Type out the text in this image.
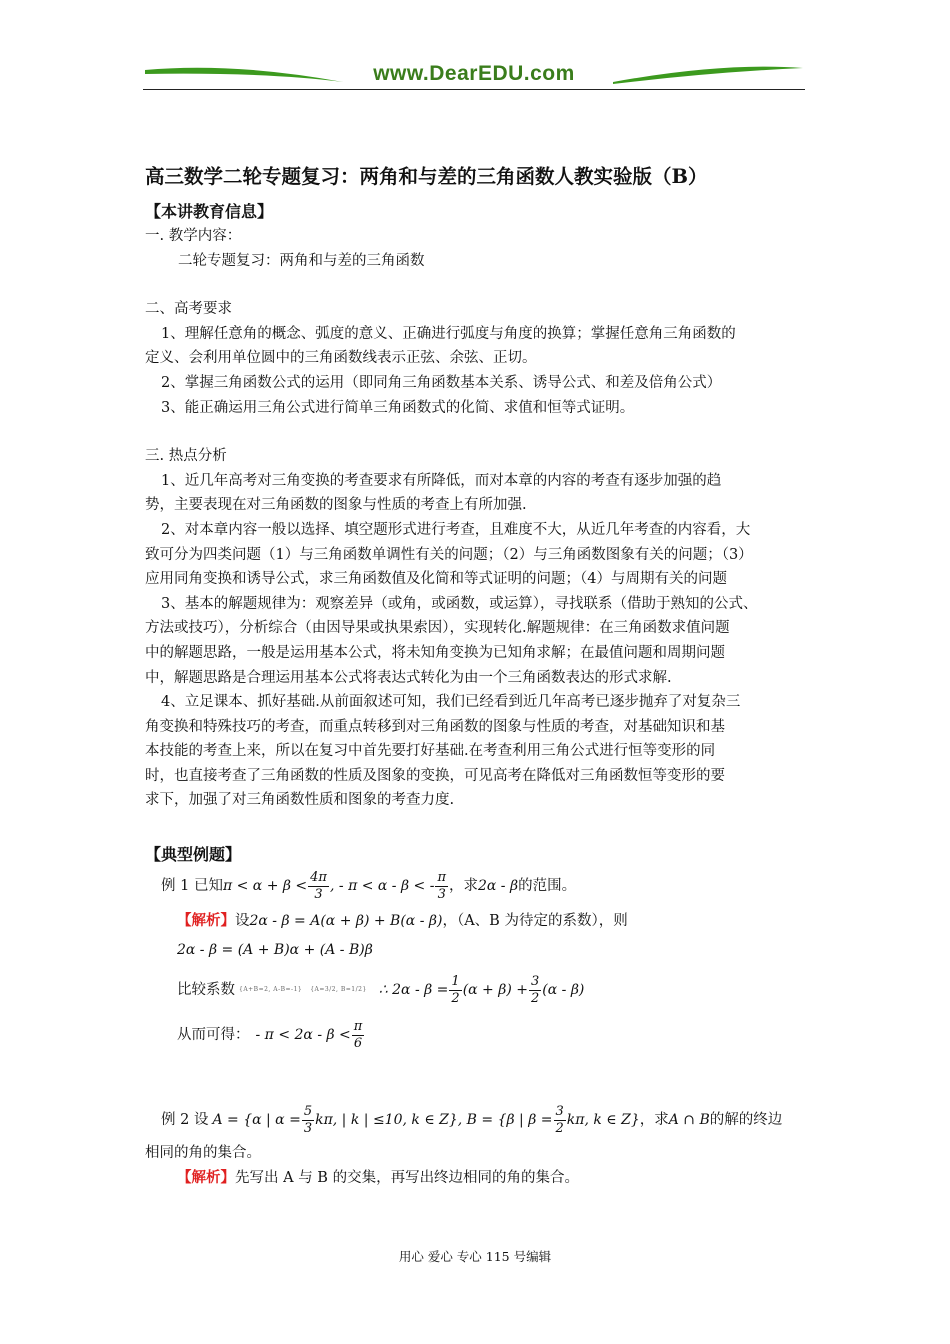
www.DearEDU.com
高三数学二轮专题复习：两角和与差的三角函数人教实验版（B）
【本讲教育信息】

一. 教学内容：

二轮专题复习：两角和与差的三角函数

二、高考要求

1、理解任意角的概念、弧度的意义、正确进行弧度与角度的换算；掌握任意角三角函数的

定义、会利用单位圆中的三角函数线表示正弦、余弦、正切。

2、掌握三角函数公式的运用（即同角三角函数基本关系、诱导公式、和差及倍角公式）

3、能正确运用三角公式进行简单三角函数式的化简、求值和恒等式证明。

三. 热点分析

1、近几年高考对三角变换的考查要求有所降低，而对本章的内容的考查有逐步加强的趋

势，主要表现在对三角函数的图象与性质的考查上有所加强.

2、对本章内容一般以选择、填空题形式进行考查，且难度不大，从近几年考查的内容看，大

致可分为四类问题（1）与三角函数单调性有关的问题；（2）与三角函数图象有关的问题；（3）

应用同角变换和诱导公式，求三角函数值及化简和等式证明的问题；（4）与周期有关的问题

3、基本的解题规律为：观察差异（或角，或函数，或运算），寻找联系（借助于熟知的公式、

方法或技巧），分析综合（由因导果或执果索因），实现转化.解题规律：在三角函数求值问题

中的解题思路，一般是运用基本公式，将未知角变换为已知角求解；在最值问题和周期问题

中，解题思路是合理运用基本公式将表达式转化为由一个三角函数表达的形式求解.

4、立足课本、抓好基础.从前面叙述可知，我们已经看到近几年高考已逐步抛弃了对复杂三

角变换和特殊技巧的考查，而重点转移到对三角函数的图象与性质的考查，对基础知识和基

本技能的考查上来，所以在复习中首先要打好基础.在考查利用三角公式进行恒等变形的同

时，也直接考查了三角函数的性质及图象的变换，可见高考在降低对三角函数恒等变形的要

求下，加强了对三角函数性质和图象的考查力度.

【典型例题】
例 1 已知 $\pi < \alpha + \beta < \frac{4\pi}{3}$ , - π < α - β < - $\frac{\pi}{3}$ ，求 2α - β 的范围。
【解析】 设 2α - β = A(α + β) + B(α - β) ，（A、B 为待定的系数），则
2α - β = (A + B)α + (A - B)β
比较系数 {A+B=2, A-B=-1} {A=3/2, B=1/2} ∴ $2\alpha - \beta = \frac{1}{2} (\alpha + \beta) + \frac{3}{2} (\alpha - \beta)$
从而可得： - $\pi < 2\alpha - \beta < \frac{\pi}{6}$
例 2 设 A = {α | $\alpha = \frac{5}{3} k\pi$, | k | ≤10, k ∈ Z}, B = {β | $\beta = \frac{3}{2} k\pi$, k ∈ Z} ，求 A ∩ B 的解的终边

相同的角的集合。

【解析】 先写出 A 与 B 的交集，再写出终边相同的角的集合。
用心 爱心 专心 115 号编辑
